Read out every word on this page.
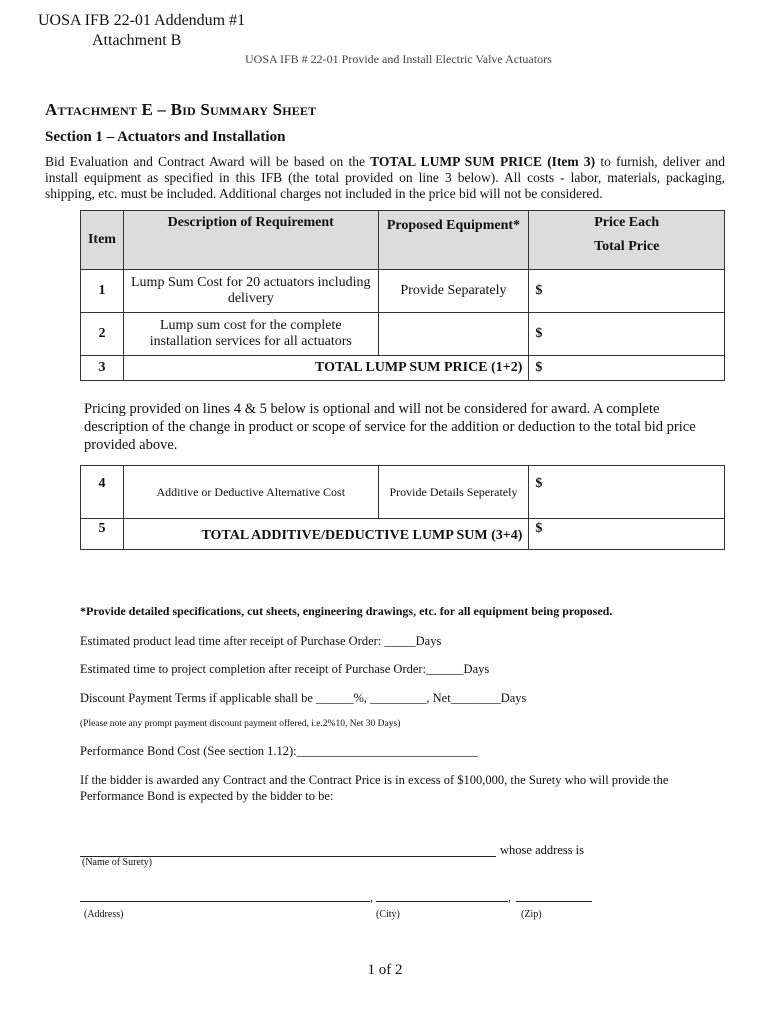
UOSA IFB 22-01 Addendum #1
Attachment B
UOSA IFB # 22-01 Provide and Install Electric Valve Actuators
Attachment E – Bid Summary Sheet
Section 1 – Actuators and Installation
Bid Evaluation and Contract Award will be based on the TOTAL LUMP SUM PRICE (Item 3) to furnish, deliver and install equipment as specified in this IFB (the total provided on line 3 below). All costs - labor, materials, packaging, shipping, etc. must be included. Additional charges not included in the price bid will not be considered.
Item	Description of Requirement	Proposed Equipment*	Price Each
Total Price

1	Lump Sum Cost for 20 actuators including delivery	Provide Separately	$
2	Lump sum cost for the complete installation services for all actuators		$
3	TOTAL LUMP SUM PRICE (1+2)		$
Pricing provided on lines 4 & 5 below is optional and will not be considered for award. A complete description of the change in product or scope of service for the addition or deduction to the total bid price provided above.
4	Additive or Deductive Alternative Cost	Provide Details Seperately	$
5	TOTAL ADDITIVE/DEDUCTIVE LUMP SUM (3+4)		$
*Provide detailed specifications, cut sheets, engineering drawings, etc. for all equipment being proposed.
Estimated product lead time after receipt of Purchase Order: _____Days
Estimated time to project completion after receipt of Purchase Order:______Days
Discount Payment Terms if applicable shall be ______%, _________, Net________Days
(Please note any prompt payment discount payment offered, i.e.2%10, Net 30 Days)
Performance Bond Cost (See section 1.12):_____________________________
If the bidder is awarded any Contract and the Contract Price is in excess of $100,000, the Surety who will provide the Performance Bond is expected by the bidder to be:
whose address is
(Name of Surety)
,	,
(Address)	(City)	(Zip)
1 of 2
